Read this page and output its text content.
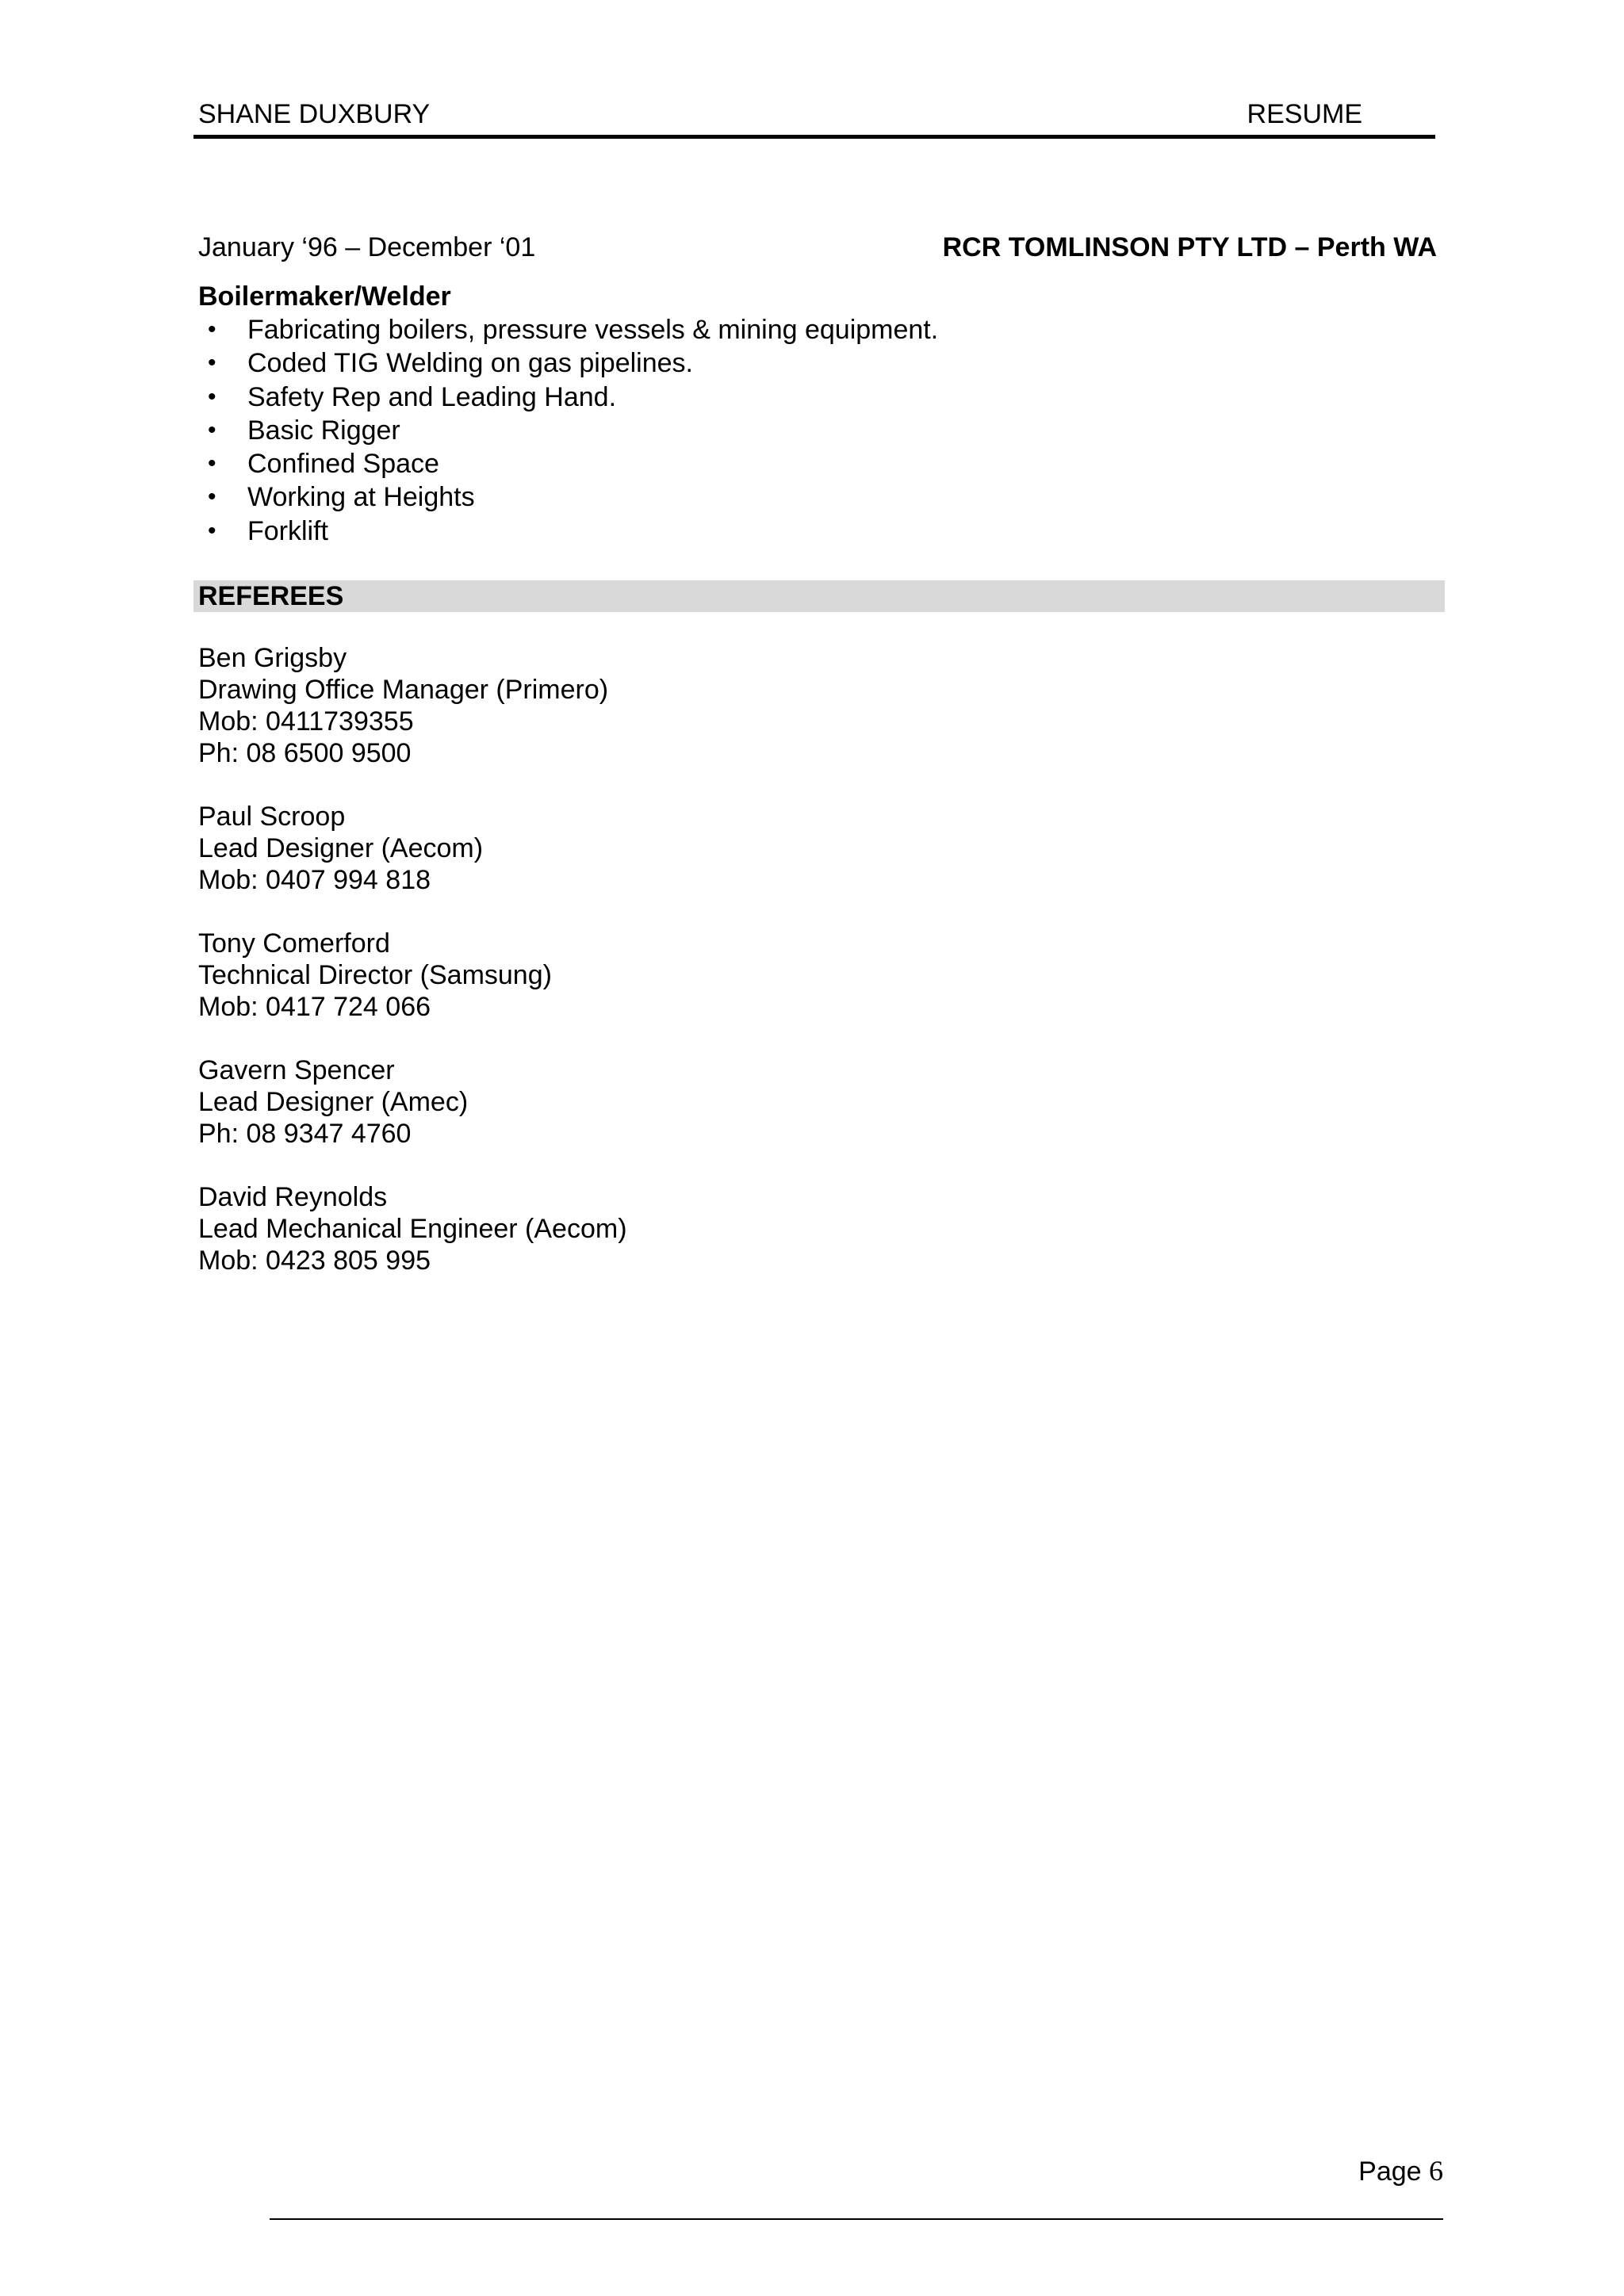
SHANE DUXBURY	RESUME
January ‘96 – December ‘01	RCR TOMLINSON PTY LTD – Perth WA
Boilermaker/Welder
• Fabricating boilers, pressure vessels & mining equipment.
• Coded TIG Welding on gas pipelines.
• Safety Rep and Leading Hand.
• Basic Rigger
• Confined Space
• Working at Heights
• Forklift
REFEREES
Ben Grigsby
Drawing Office Manager (Primero)
Mob: 0411739355
Ph: 08 6500 9500
Paul Scroop
Lead Designer (Aecom)
Mob: 0407 994 818
Tony Comerford
Technical Director (Samsung)
Mob: 0417 724 066
Gavern Spencer
Lead Designer (Amec)
Ph: 08 9347 4760
David Reynolds
Lead Mechanical Engineer (Aecom)
Mob: 0423 805 995
Page 6
